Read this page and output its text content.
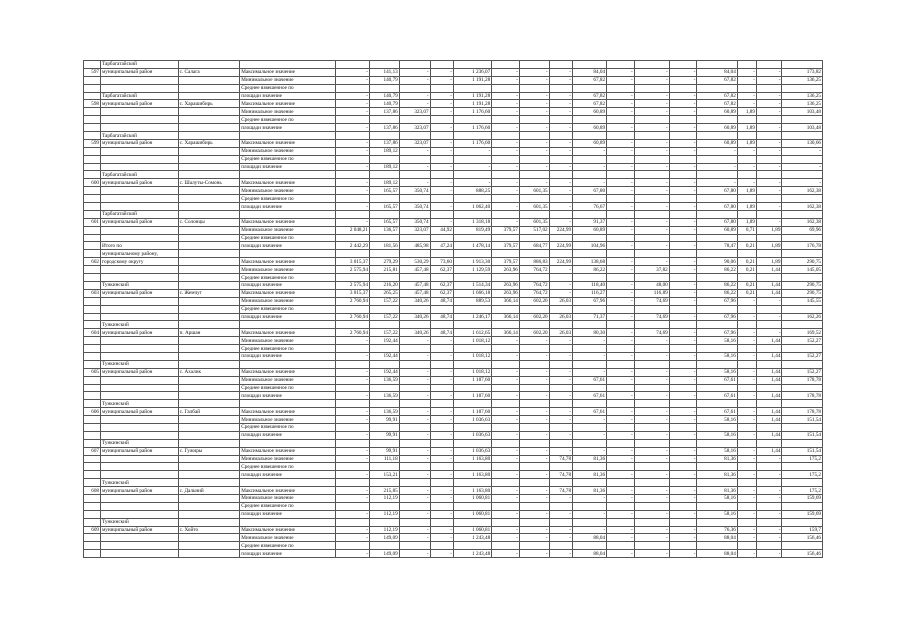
	Тарбагатайский																		
597	муниципальный район	с. Салага	Максимальное значение	-	141,13	-	-	1 236,07	-	-	-	84,04	-	-	-	84,04	-	-	173,82
			Минимальное значение	-	140,79	-	-	1 191,28	-	-	-	67,82	-	-	-	67,82	-	-	136,25
			Среднее взвешенное по																
	Тарбагатайский		площади значение	-	140,79	-	-	1 191,28	-	-	-	67,82	-	-	-	67,82	-	-	136,25
598	муниципальный район	с. Харашибирь	Максимальное значение	-	140,79	-	-	1 191,28	-	-	-	67,82	-	-	-	67,82	-	-	136,25
			Минимальное значение	-	137,86	323,07	-	1 176,60	-	-	-	60,89	-	-	-	60,89	1,89	-	103,48
			Среднее взвешенное по																
			площади значение	-	137,86	323,07	-	1 176,60	-	-	-	60,89	-	-	-	60,89	1,89	-	103,48
	Тарбагатайский																		
599	муниципальный район	с. Харашибирь	Максимальное значение	-	137,86	323,07	-	1 176,60	-	-	-	60,89	-	-	-	60,89	1,89	-	130,66
			Минимальное значение	-	189,12	-	-	-	-	-	-	-	-	-	-	-	-	-	-
			Среднее взвешенное по																
			площади значение	-	189,12	-	-	-	-	-	-	-	-	-	-	-	-	-	-
	Тарбагатайский																		
600	муниципальный район	с. Шалуты-Сомонь	Максимальное значение	-	189,12	-	-	-	-	-	-	-	-	-	-	-	-	-	-
			Минимальное значение	-	165,57	350,74	-	888,25	-	601,35	-	67,80	-	-	-	67,80	1,89	-	162,38
			Среднее взвешенное по																
			площади значение	-	165,57	350,74	-	1 062,40	-	601,35	-	76,67	-	-	-	67,80	1,89	-	162,38
	Тарбагатайский																		
601	муниципальный район	с. Солонцы	Максимальное значение	-	165,57	350,74	-	1 318,18	-	601,35	-	91,37	-	-	-	67,80	1,89	-	162,38
			Минимальное значение	2 048,21	136,57	323,07	44,92	819,49	379,57	517,02	224,99	60,89	-	-	-	60,89	0,71	1,89	69,96
			Среднее взвешенное по																
	Итого по		площади значение	2 442,29	181,56	485,98	47,24	1 478,14	379,57	684,77	224,99	104,96	-	-	-	78,47	0,21	1,89	176,78
	муниципальному району,																		
602	городскому округу		Максимальное значение	3 015,37	279,29	530,29	73,60	1 913,30	379,57	886,83	224,99	138,68	-	-	-	90,06	0,21	1,89	290,75
			Минимальное значение	2 575,94	215,81	457,48	62,37	1 129,59	263,96	764,72	-	86,22	-	37,82	-	86,22	0,21	1,44	145,05
			Среднее взвешенное по																
	Тункинский		площади значение	2 575,94	216,20	457,48	62,37	1 514,34	263,96	764,72	-	118,40	-	48,00	-	86,22	0,21	1,44	290,75
603	муниципальный район	с. Жемчуг	Максимальное значение	3 015,37	265,25	457,48	62,37	1 666,18	263,96	764,72	-	116,27	-	116,89	-	86,22	0,21	1,44	290,75
			Минимальное значение	2 760,94	157,22	340,26	48,74	889,53	366,14	602,20	26,03	67,96	-	74,69	-	67,96	-	-	145,55
			Среднее взвешенное по																
			площади значение	2 760,94	157,22	340,26	48,74	1 246,17	366,14	602,20	26,03	71,37	-	74,69	-	67,96	-	-	162,26
	Тункинский																		
604	муниципальный район	п. Аршан	Максимальное значение	2 760,94	157,22	340,26	48,74	1 612,65	366,14	602,20	26,03	80,30	-	74,69	-	67,96	-	-	169,52
			Минимальное значение	-	192,44	-	-	1 018,12	-	-	-	-	-	-	-	58,16	-	1,44	152,27
			Среднее взвешенное по																
			площади значение	-	192,44	-	-	1 018,12	-	-	-	-	-	-	-	58,16	-	1,44	152,27
	Тункинский																		
605	муниципальный район	с. Ахалик	Максимальное значение	-	192,44	-	-	1 018,12	-	-	-	-	-	-	-	58,16	-	1,44	152,27
			Минимальное значение	-	136,59	-	-	1 187,60	-	-	-	67,61	-	-	-	67,61	-	1,44	178,78
			Среднее взвешенное по																
			площади значение	-	136,59	-	-	1 187,60	-	-	-	67,61	-	-	-	67,61	-	1,44	178,78
	Тункинский																		
606	муниципальный район	с. Галбай	Максимальное значение	-	136,59	-	-	1 187,60	-	-	-	67,61	-	-	-	67,61	-	1,44	178,78
			Минимальное значение	-	99,91	-	-	1 036,63	-	-	-	-	-	-	-	58,16	-	1,44	151,54
			Среднее взвешенное по																
			площади значение	-	99,91	-	-	1 036,63	-	-	-	-	-	-	-	58,16	-	1,44	151,54
	Тункинский																		
607	муниципальный район	с. Гужиры	Максимальное значение	-	99,91	-	-	1 036,63	-	-	-	-	-	-	-	58,16	-	1,44	151,54
			Минимальное значение	-	111,18	-	-	1 163,80	-	-	74,78	81,36	-	-	-	81,36	-	-	175,2
			Среднее взвешенное по																
			площади значение	-	153,21	-	-	1 163,80	-	-	74,78	81,36	-	-	-	81,36	-	-	175,2
	Тункинский																		
608	муниципальный район	с. Дальний	Максимальное значение	-	215,85	-	-	1 163,80	-	-	74,78	81,36	-	-	-	81,36	-	-	175,2
			Минимальное значение	-	112,19	-	-	1 060,81	-	-	-	-	-	-	-	58,16	-	-	159,69
			Среднее взвешенное по																
			площади значение	-	112,19	-	-	1 060,81	-	-	-	-	-	-	-	58,16	-	-	159,69
	Тункинский																		
609	муниципальный район	с. Хойто	Максимальное значение	-	112,19	-	-	1 060,81	-	-	-	-	-	-	-	76,36	-	-	159,7
			Минимальное значение	-	149,09	-	-	1 243,48	-	-	-	88,04	-	-	-	88,04	-	-	156,46
			Среднее взвешенное по																
			площади значение	-	149,09	-	-	1 243,48	-	-	-	88,04	-	-	-	88,04	-	-	156,46
